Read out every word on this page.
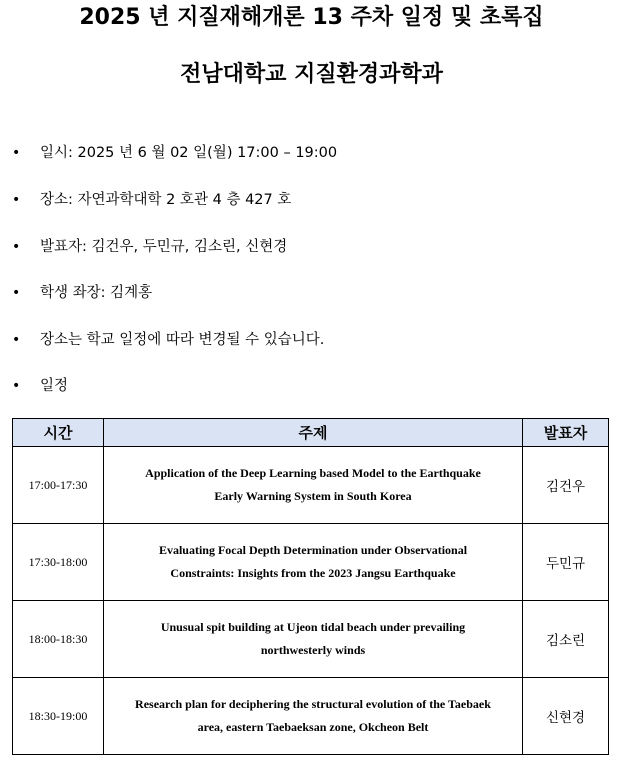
2025 년 지질재해개론 13 주차 일정 및 초록집
전남대학교 지질환경과학과
• 일시: 2025 년 6 월 02 일(월) 17:00 – 19:00
• 장소: 자연과학대학 2 호관 4 층 427 호
• 발표자: 김건우, 두민규, 김소린, 신현경
• 학생 좌장: 김계홍
• 장소는 학교 일정에 따라 변경될 수 있습니다.
• 일정
시간	주제	발표자
17:00-17:30	Application of the Deep Learning based Model to the Earthquake
Early Warning System in South Korea	김건우
17:30-18:00	Evaluating Focal Depth Determination under Observational
Constraints: Insights from the 2023 Jangsu Earthquake	두민규
18:00-18:30	Unusual spit building at Ujeon tidal beach under prevailing
northwesterly winds	김소린
18:30-19:00	Research plan for deciphering the structural evolution of the Taebaek
area, eastern Taebaeksan zone, Okcheon Belt	신현경
